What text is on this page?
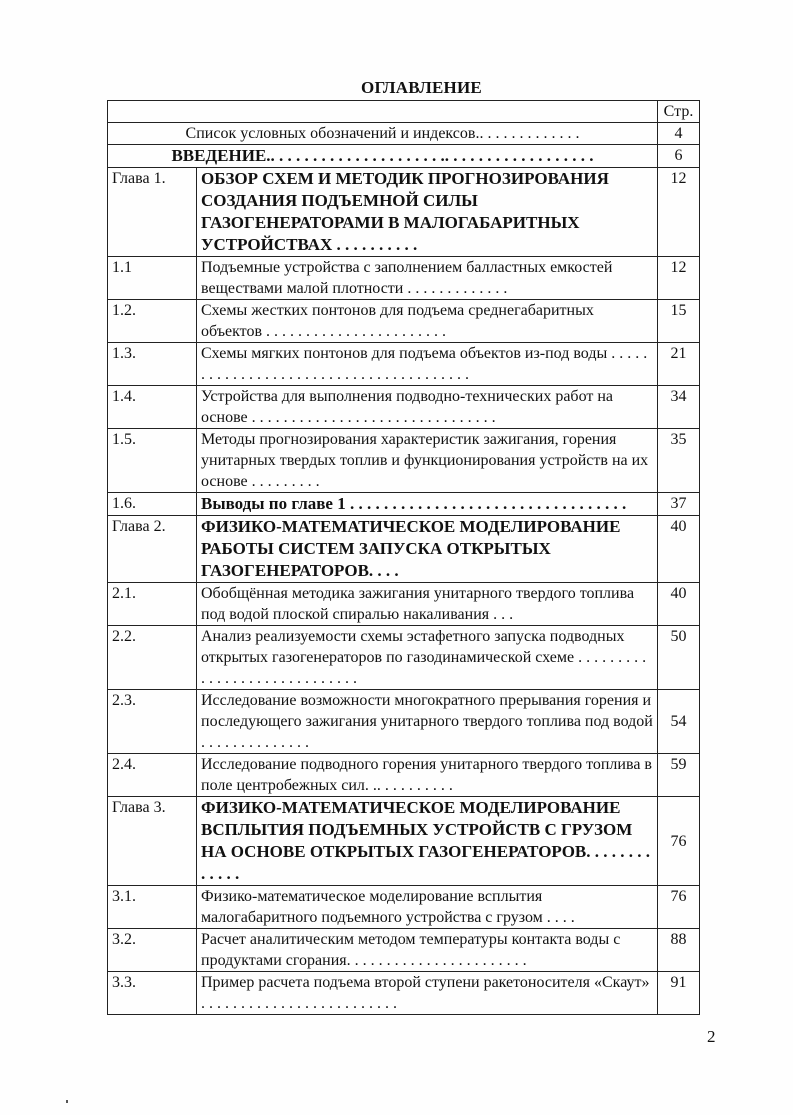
ОГЛАВЛЕНИЕ
		Стр.
Список условных обозначений и индексов.. . . . . . . . . . . . .		4
ВВЕДЕНИЕ.. . . . . . . . . . . . . . . . . . . . .. . . . . . . . . . . . . . . . . .		6
Глава 1.	ОБЗОР СХЕМ И МЕТОДИК ПРОГНОЗИРОВАНИЯ СОЗДАНИЯ ПОДЪЕМНОЙ СИЛЫ ГАЗОГЕНЕРАТОРАМИ В МАЛОГАБАРИТНЫХ УСТРОЙСТВАХ . . . . . . . . . .	12
1.1	Подъемные устройства с заполнением балластных емкостей веществами малой плотности . . . . . . . . . . . . .	12
1.2.	Схемы жестких понтонов для подъема среднегабаритных объектов . . . . . . . . . . . . . . . . . . . . . . .	15
1.3.	Схемы мягких понтонов для подъема объектов из-под воды . . . . . . . . . . . . . . . . . . . . . . . . . . . . . . . . . . . . . . .	21
1.4.	Устройства для выполнения подводно-технических работ на основе . . . . . . . . . . . . . . . . . . . . . . . . . . . . . . .	34
1.5.	Методы прогнозирования характеристик зажигания, горения унитарных твердых топлив и функционирования устройств на их основе . . . . . . . . .	35
1.6.	Выводы по главе 1 . . . . . . . . . . . . . . . . . . . . . . . . . . . . . . . . .	37
Глава 2.	ФИЗИКО-МАТЕМАТИЧЕСКОЕ МОДЕЛИРОВАНИЕ РАБОТЫ СИСТЕМ ЗАПУСКА ОТКРЫТЫХ ГАЗОГЕНЕРАТОРОВ. . . .	40
2.1.	Обобщённая методика зажигания унитарного твердого топлива под водой плоской спиралью накаливания . . .	40
2.2.	Анализ реализуемости схемы эстафетного запуска подводных открытых газогенераторов по газодинамической схеме . . . . . . . . . . . . . . . . . . . . . . . . . . . . .	50
2.3.	Исследование возможности многократного прерывания горения и последующего зажигания унитарного твердого топлива под водой . . . . . . . . . . . . . .	54
2.4.	Исследование подводного горения унитарного твердого топлива в поле центробежных сил. .. . . . . . . . . .	59
Глава 3.	ФИЗИКО-МАТЕМАТИЧЕСКОЕ МОДЕЛИРОВАНИЕ ВСПЛЫТИЯ ПОДЪЕМНЫХ УСТРОЙСТВ С ГРУЗОМ НА ОСНОВЕ ОТКРЫТЫХ ГАЗОГЕНЕРАТОРОВ. . . . . . . . . . . . .	76
3.1.	Физико-математическое моделирование всплытия малогабаритного подъемного устройства с грузом . . . .	76
3.2.	Расчет аналитическим методом температуры контакта воды с продуктами сгорания. . . . . . . . . . . . . . . . . . . . . . .	88
3.3.	Пример расчета подъема второй ступени ракетоносителя «Скаут» . . . . . . . . . . . . . . . . . . . . . . . . .	91
2
